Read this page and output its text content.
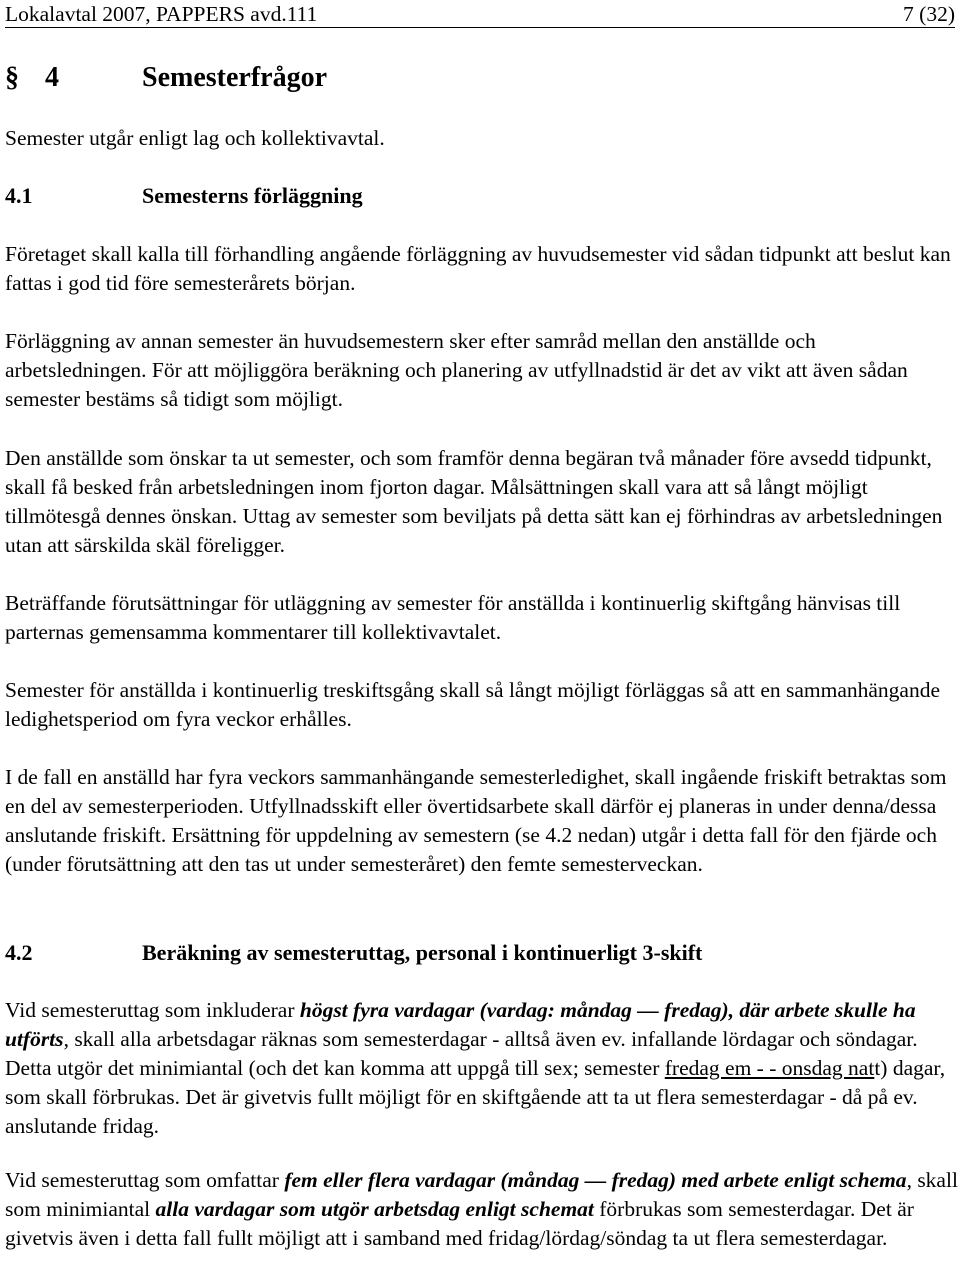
Lokalavtal 2007, PAPPERS avd.111	7 (32)
§ 4	Semesterfrågor

Semester utgår enligt lag och kollektivavtal.

4.1	Semesterns förläggning

Företaget skall kalla till förhandling angående förläggning av huvudsemester vid sådan tidpunkt att beslut kan fattas i god tid före semesterårets början.

Förläggning av annan semester än huvudsemestern sker efter samråd mellan den anställde och arbetsledningen. För att möjliggöra beräkning och planering av utfyllnadstid är det av vikt att även sådan semester bestäms så tidigt som möjligt.

Den anställde som önskar ta ut semester, och som framför denna begäran två månader före avsedd tidpunkt, skall få besked från arbetsledningen inom fjorton dagar. Målsättningen skall vara att så långt möjligt tillmötesgå dennes önskan. Uttag av semester som beviljats på detta sätt kan ej förhindras av arbetsledningen utan att särskilda skäl föreligger.

Beträffande förutsättningar för utläggning av semester för anställda i kontinuerlig skiftgång hänvisas till parternas gemensamma kommentarer till kollektivavtalet.

Semester för anställda i kontinuerlig treskiftsgång skall så långt möjligt förläggas så att en sammanhängande ledighetsperiod om fyra veckor erhålles.

I de fall en anställd har fyra veckors sammanhängande semesterledighet, skall ingående friskift betraktas som en del av semesterperioden. Utfyllnadsskift eller övertidsarbete skall därför ej planeras in under denna/dessa anslutande friskift. Ersättning för uppdelning av semestern (se 4.2 nedan) utgår i detta fall för den fjärde och (under förutsättning att den tas ut under semesteråret) den femte semesterveckan.

4.2	Beräkning av semesteruttag, personal i kontinuerligt 3-skift

Vid semesteruttag som inkluderar högst fyra vardagar (vardag: måndag — fredag), där arbete skulle ha utförts, skall alla arbetsdagar räknas som semesterdagar - alltså även ev. infallande lördagar och söndagar. Detta utgör det minimiantal (och det kan komma att uppgå till sex; semester fredag em - - onsdag natt) dagar, som skall förbrukas. Det är givetvis fullt möjligt för en skiftgående att ta ut flera semesterdagar - då på ev. anslutande fridag.

Vid semesteruttag som omfattar fem eller flera vardagar (måndag — fredag) med arbete enligt schema, skall som minimiantal alla vardagar som utgör arbetsdag enligt schemat förbrukas som semesterdagar. Det är givetvis även i detta fall fullt möjligt att i samband med fridag/lördag/söndag ta ut flera semesterdagar.
